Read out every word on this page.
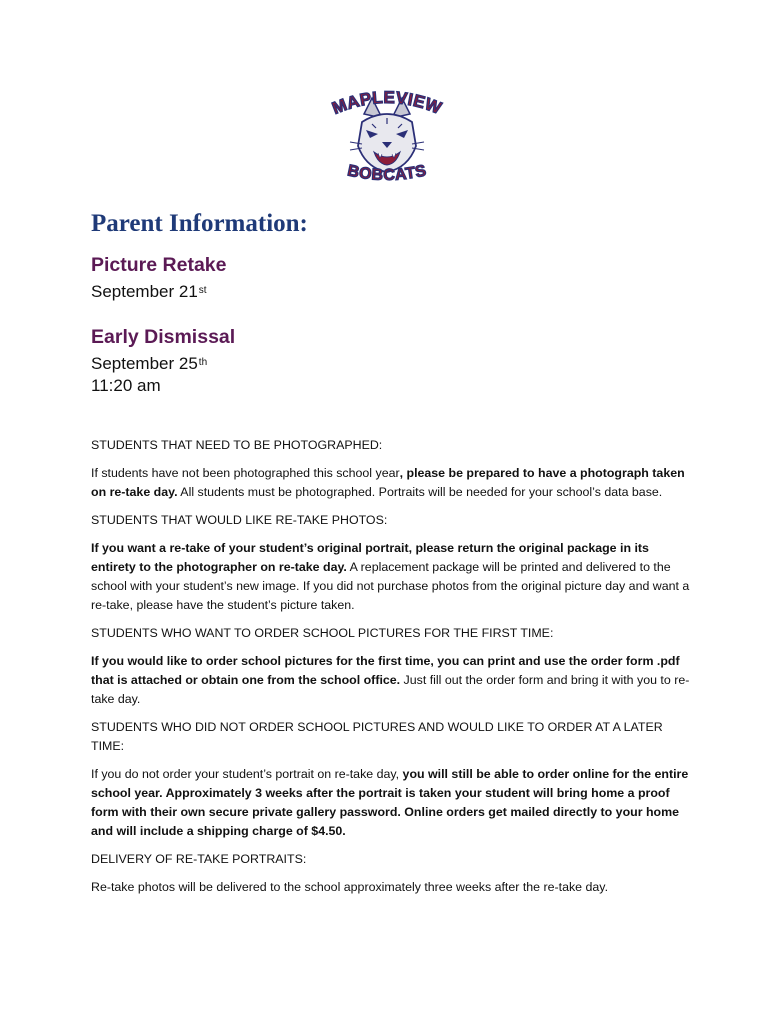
MAPLEVIEW
BOBCATS
Parent Information:
Picture Retake
September 21st
Early Dismissal
September 25th
11:20 am

STUDENTS THAT NEED TO BE PHOTOGRAPHED:

If students have not been photographed this school year, please be prepared to have a photograph taken on re-take day. All students must be photographed. Portraits will be needed for your school’s data base.

STUDENTS THAT WOULD LIKE RE-TAKE PHOTOS:

If you want a re-take of your student’s original portrait, please return the original package in its entirety to the photographer on re-take day. A replacement package will be printed and delivered to the school with your student’s new image. If you did not purchase photos from the original picture day and want a re-take, please have the student’s picture taken.

STUDENTS WHO WANT TO ORDER SCHOOL PICTURES FOR THE FIRST TIME:

If you would like to order school pictures for the first time, you can print and use the order form .pdf that is attached or obtain one from the school office. Just fill out the order form and bring it with you to re-take day.

STUDENTS WHO DID NOT ORDER SCHOOL PICTURES AND WOULD LIKE TO ORDER AT A LATER TIME:

If you do not order your student’s portrait on re-take day, you will still be able to order online for the entire school year. Approximately 3 weeks after the portrait is taken your student will bring home a proof form with their own secure private gallery password. Online orders get mailed directly to your home and will include a shipping charge of $4.50.

DELIVERY OF RE-TAKE PORTRAITS:

Re-take photos will be delivered to the school approximately three weeks after the re-take day.
